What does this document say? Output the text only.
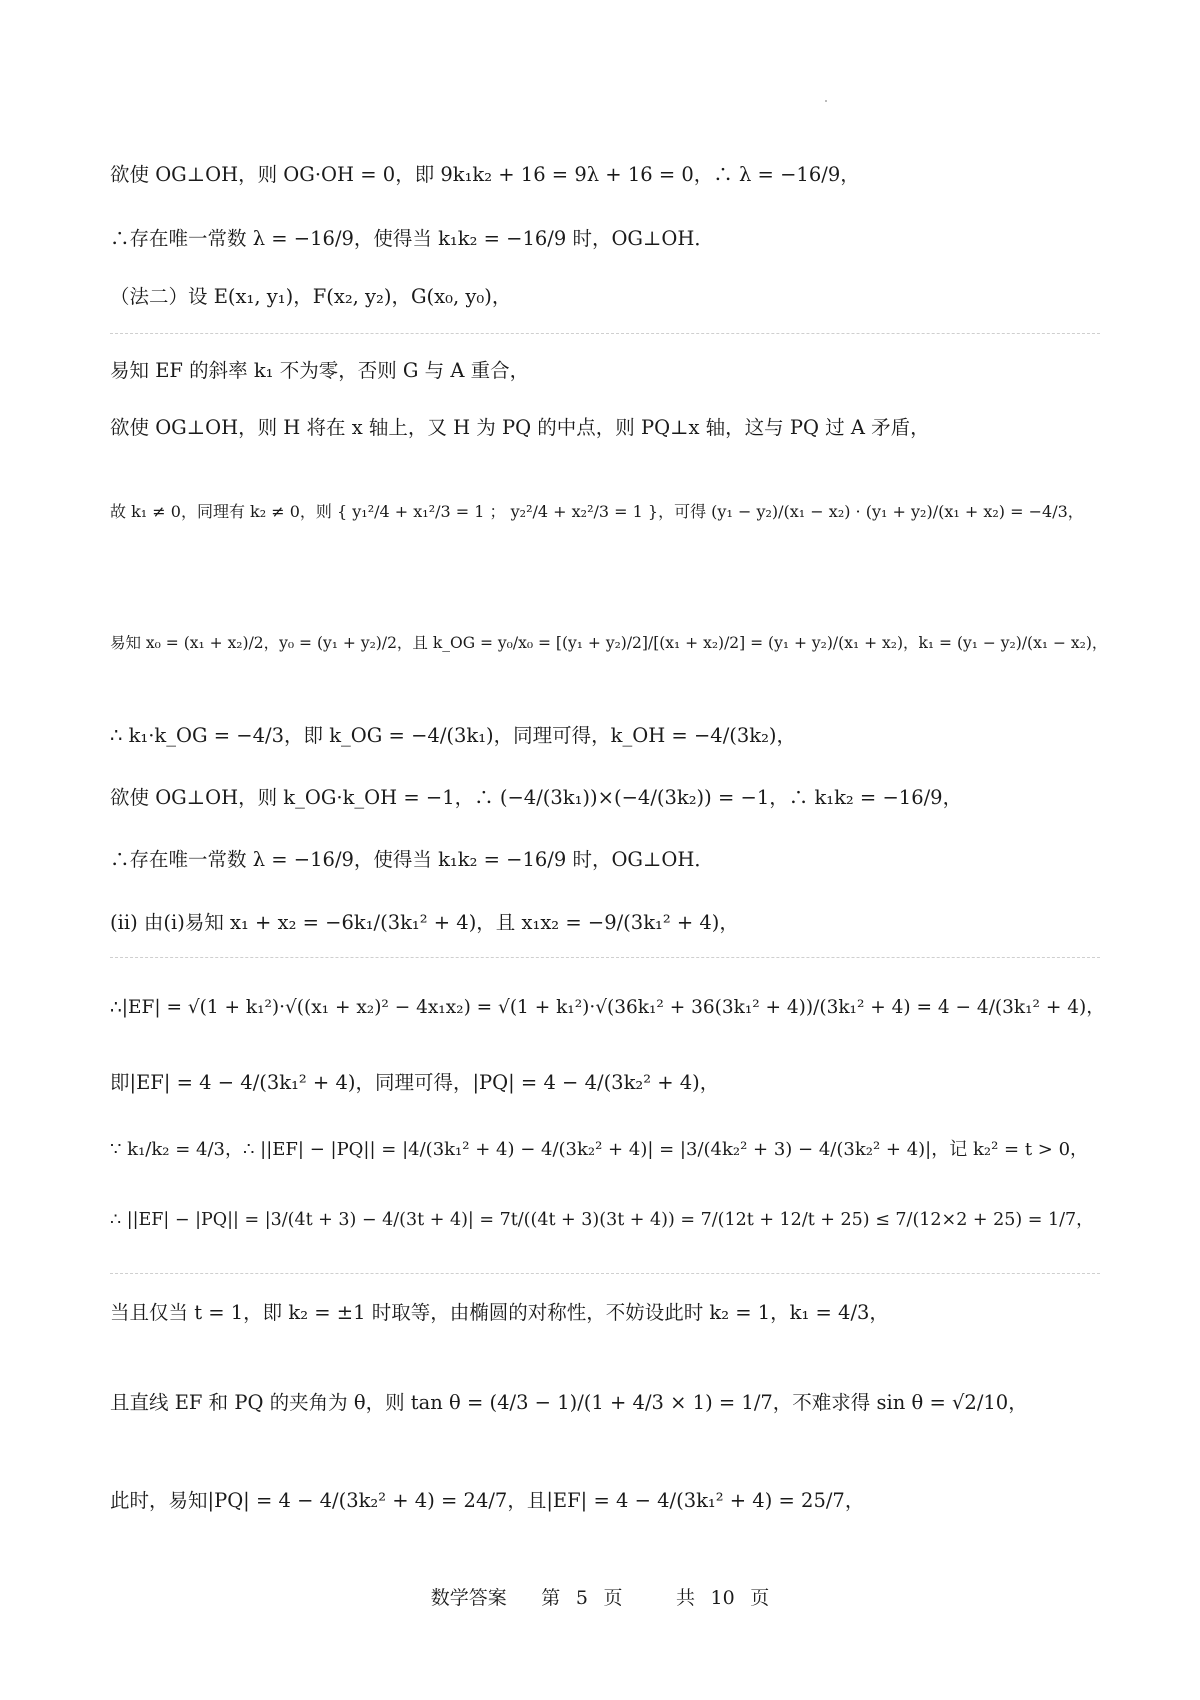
欲使 OG⊥OH，则 OG·OH = 0，即 9k₁k₂ + 16 = 9λ + 16 = 0，∴ λ = −16/9，
∴存在唯一常数 λ = −16/9，使得当 k₁k₂ = −16/9 时，OG⊥OH．
（法二）设 E(x₁, y₁)，F(x₂, y₂)，G(x₀, y₀)，
易知 EF 的斜率 k₁ 不为零，否则 G 与 A 重合，
欲使 OG⊥OH，则 H 将在 x 轴上，又 H 为 PQ 的中点，则 PQ⊥x 轴，这与 PQ 过 A 矛盾，
故 k₁ ≠ 0，同理有 k₂ ≠ 0，则 { y₁²/4 + x₁²/3 = 1 ； y₂²/4 + x₂²/3 = 1 }，可得 (y₁ − y₂)/(x₁ − x₂) · (y₁ + y₂)/(x₁ + x₂) = −4/3，
易知 x₀ = (x₁ + x₂)/2，y₀ = (y₁ + y₂)/2，且 k_OG = y₀/x₀ = [(y₁ + y₂)/2]/[(x₁ + x₂)/2] = (y₁ + y₂)/(x₁ + x₂)，k₁ = (y₁ − y₂)/(x₁ − x₂)，
∴ k₁·k_OG = −4/3，即 k_OG = −4/(3k₁)，同理可得，k_OH = −4/(3k₂)，
欲使 OG⊥OH，则 k_OG·k_OH = −1，∴ (−4/(3k₁))×(−4/(3k₂)) = −1，∴ k₁k₂ = −16/9，
∴存在唯一常数 λ = −16/9，使得当 k₁k₂ = −16/9 时，OG⊥OH．
(ii) 由(i)易知 x₁ + x₂ = −6k₁/(3k₁² + 4)，且 x₁x₂ = −9/(3k₁² + 4)，
∴|EF| = √(1 + k₁²)·√((x₁ + x₂)² − 4x₁x₂) = √(1 + k₁²)·√(36k₁² + 36(3k₁² + 4))/(3k₁² + 4) = 4 − 4/(3k₁² + 4)，
即|EF| = 4 − 4/(3k₁² + 4)，同理可得，|PQ| = 4 − 4/(3k₂² + 4)，
∵ k₁/k₂ = 4/3，∴ ||EF| − |PQ|| = |4/(3k₁² + 4) − 4/(3k₂² + 4)| = |3/(4k₂² + 3) − 4/(3k₂² + 4)|，记 k₂² = t > 0，
∴ ||EF| − |PQ|| = |3/(4t + 3) − 4/(3t + 4)| = 7t/((4t + 3)(3t + 4)) = 7/(12t + 12/t + 25) ≤ 7/(12×2 + 25) = 1/7，
当且仅当 t = 1，即 k₂ = ±1 时取等，由椭圆的对称性，不妨设此时 k₂ = 1，k₁ = 4/3，
且直线 EF 和 PQ 的夹角为 θ，则 tan θ = (4/3 − 1)/(1 + 4/3 × 1) = 1/7，不难求得 sin θ = √2/10，
此时，易知|PQ| = 4 − 4/(3k₂² + 4) = 24/7，且|EF| = 4 − 4/(3k₁² + 4) = 25/7，
数学答案　 第 5 页　 　共 10 页
